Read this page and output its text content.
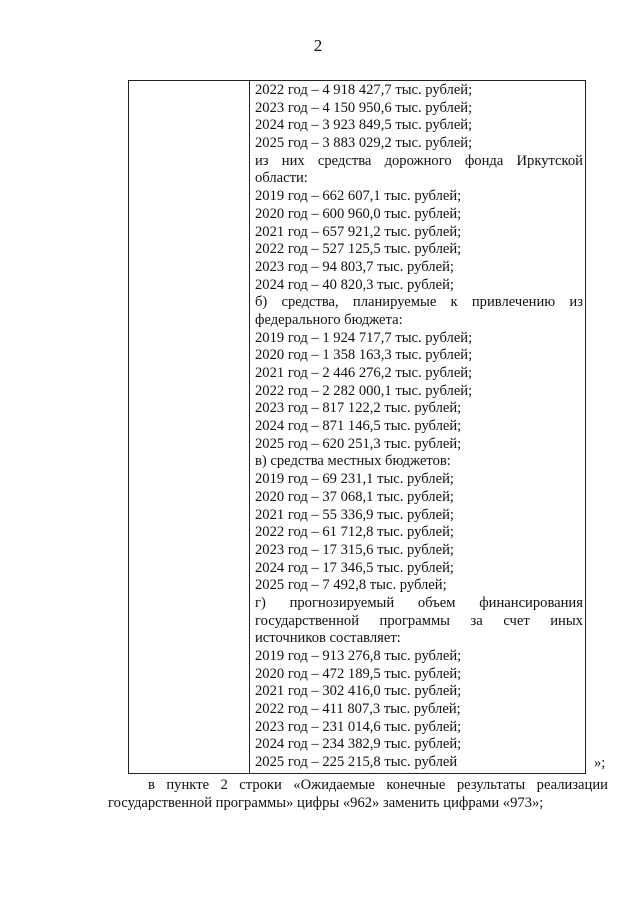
2
2022 год – 4 918 427,7 тыс. рублей;
2023 год – 4 150 950,6 тыс. рублей;
2024 год – 3 923 849,5 тыс. рублей;
2025 год – 3 883 029,2 тыс. рублей;
из них средства дорожного фонда Иркутской
области:
2019 год – 662 607,1 тыс. рублей;
2020 год – 600 960,0 тыс. рублей;
2021 год – 657 921,2 тыс. рублей;
2022 год – 527 125,5 тыс. рублей;
2023 год – 94 803,7 тыс. рублей;
2024 год – 40 820,3 тыс. рублей;
б) средства, планируемые к привлечению из
федерального бюджета:
2019 год – 1 924 717,7 тыс. рублей;
2020 год – 1 358 163,3 тыс. рублей;
2021 год – 2 446 276,2 тыс. рублей;
2022 год – 2 282 000,1 тыс. рублей;
2023 год – 817 122,2 тыс. рублей;
2024 год – 871 146,5 тыс. рублей;
2025 год – 620 251,3 тыс. рублей;
в) средства местных бюджетов:
2019 год – 69 231,1 тыс. рублей;
2020 год – 37 068,1 тыс. рублей;
2021 год – 55 336,9 тыс. рублей;
2022 год – 61 712,8 тыс. рублей;
2023 год – 17 315,6 тыс. рублей;
2024 год – 17 346,5 тыс. рублей;
2025 год – 7 492,8 тыс. рублей;
г) прогнозируемый объем финансирования
государственной программы за счет иных
источников составляет:
2019 год – 913 276,8 тыс. рублей;
2020 год – 472 189,5 тыс. рублей;
2021 год – 302 416,0 тыс. рублей;
2022 год – 411 807,3 тыс. рублей;
2023 год – 231 014,6 тыс. рублей;
2024 год – 234 382,9 тыс. рублей;
2025 год – 225 215,8 тыс. рублей	»;
в пункте 2 строки «Ожидаемые конечные результаты реализации
государственной программы» цифры «962» заменить цифрами «973»;
